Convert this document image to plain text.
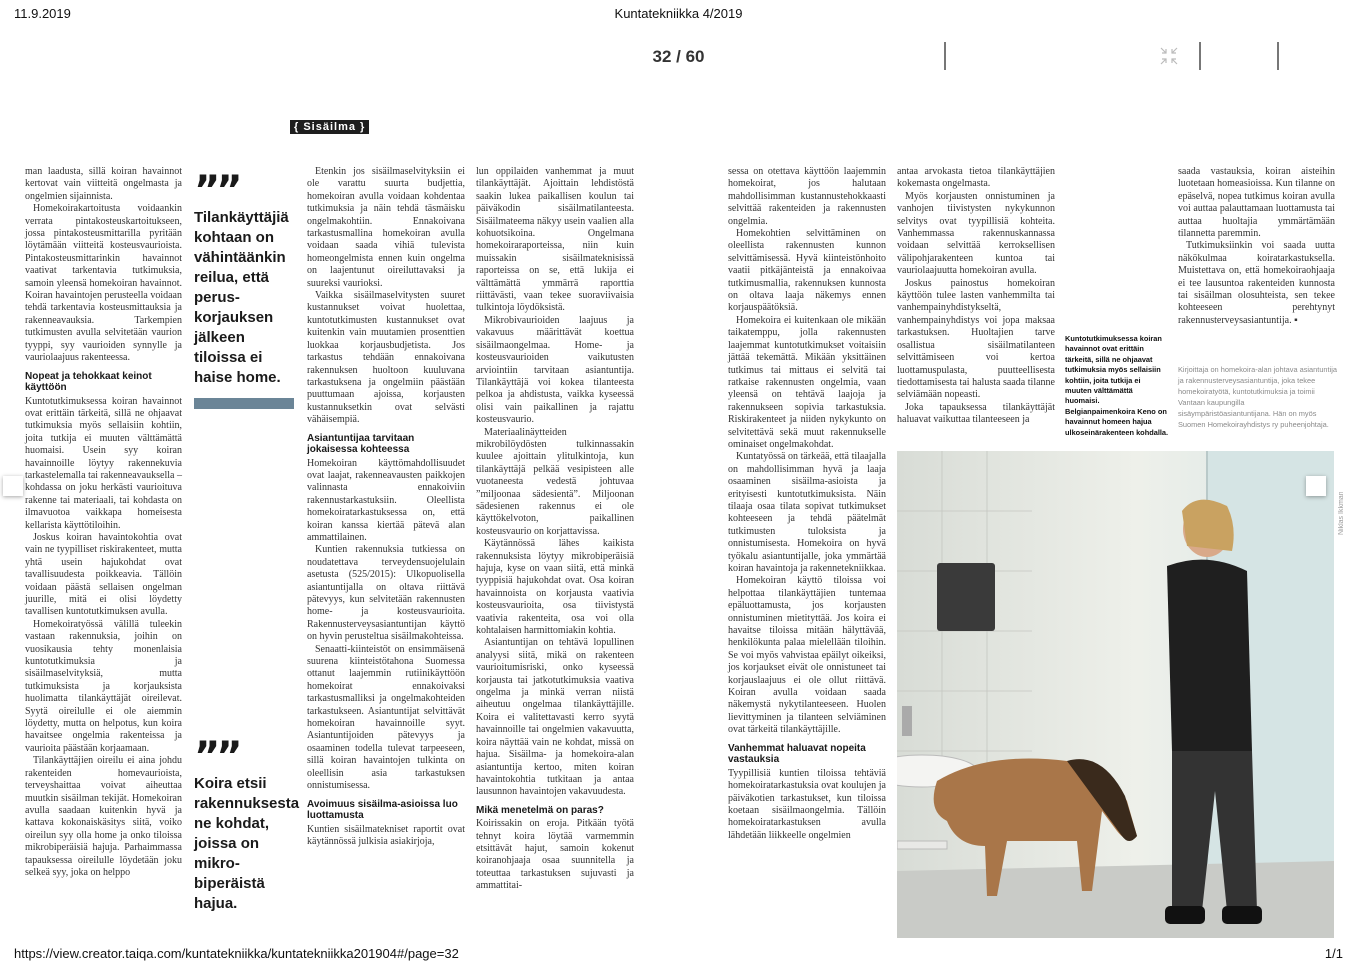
11.9.2019	Kuntatekniikka 4/2019
https://view.creator.taiqa.com/kuntatekniikka/kuntatekniikka201904#/page=32	1/1
32 / 60
{ Sisäilma }

man laadusta, sillä koiran havainnot kertovat vain viitteitä ongelmasta ja ongelmien sijainnista.

Homekoirakartoitusta voidaankin verrata pintakosteuskartoitukseen, jossa pintakosteusmittarilla pyritään löytämään viitteitä kosteusvaurioista. Pintakosteusmittarinkin havainnot vaativat tarkentavia tutkimuksia, samoin yleensä homekoiran havainnot. Koiran havaintojen perusteella voidaan tehdä tarkentavia kosteusmittauksia ja rakenneavauksia. Tarkempien tutkimusten avulla selvitetään vaurion tyyppi, syy vaurioiden synnylle ja vauriolaajuus rakenteessa.

Nopeat ja tehokkaat keinot käyttöön

Kuntotutkimuksessa koiran havainnot ovat erittäin tärkeitä, sillä ne ohjaavat tutkimuksia myös sellaisiin kohtiin, joita tutkija ei muuten välttämättä huomaisi. Usein syy koiran havainnoille löytyy rakennekuvia tarkastelemalla tai rakenneavauksella – kohdassa on joku herkästi vaurioituva rakenne tai materiaali, tai kohdasta on ilmavuotoa vaikkapa homeisesta kellarista käyttötiloihin.

Joskus koiran havaintokohtia ovat vain ne tyypilliset riskirakenteet, mutta yhtä usein hajukohdat ovat tavallisuudesta poikkeavia. Tällöin voidaan päästä sellaisen ongelman juurille, mitä ei olisi löydetty tavallisen kuntotutkimuksen avulla.

Homekoiratyössä välillä tuleekin vastaan rakennuksia, joihin on vuosikausia tehty monenlaisia kuntotutkimuksia ja sisäilmaselvityksiä, mutta tutkimuksista ja korjauksista huolimatta tilankäyttäjät oireilevat. Syytä oireilulle ei ole aiemmin löydetty, mutta on helpotus, kun koira havaitsee ongelmia rakenteissa ja vaurioita päästään korjaamaan.

Tilankäyttäjien oireilu ei aina johdu rakenteiden homevaurioista, terveyshaittaa voivat aiheuttaa muutkin sisäilman tekijät. Homekoiran avulla saadaan kuitenkin hyvä ja kattava kokonaiskäsitys siitä, voiko oireilun syy olla home ja onko tiloissa mikrobiperäisiä hajuja. Parhaimmassa tapauksessa oireilulle löydetään joku selkeä syy, joka on helppo

””
Tilankäyttäjiä kohtaan on vähintäänkin reilua, että perus-korjauksen jälkeen tiloissa ei haise home.
””
Koira etsii rakennuksesta ne kohdat, joissa on mikro-biperäistä hajua.

Etenkin jos sisäilmaselvityksiin ei ole varattu suurta budjettia, homekoiran avulla voidaan kohdentaa tutkimuksia ja näin tehdä täsmäisku ongelmakohtiin. Ennakoivana tarkastusmallina homekoiran avulla voidaan saada vihiä tulevista homeongelmista ennen kuin ongelma on laajentunut oireiluttavaksi ja suureksi vaurioksi.

Vaikka sisäilmaselvitysten suuret kustannukset voivat huolettaa, kuntotutkimusten kustannukset ovat kuitenkin vain muutamien prosenttien luokkaa korjausbudjetista. Jos tarkastus tehdään ennakoivana rakennuksen huoltoon kuuluvana tarkastuksena ja ongelmiin päästään puuttumaan ajoissa, korjausten kustannuksetkin ovat selvästi vähäisempiä.

Asiantuntijaa tarvitaan jokaisessa kohteessa

Homekoiran käyttömahdollisuudet ovat laajat, rakenneavausten paikkojen valinnasta ennakoiviin rakennustarkastuksiin. Oleellista homekoiratarkastuksessa on, että koiran kanssa kiertää pätevä alan ammattilainen.

Kuntien rakennuksia tutkiessa on noudatettava terveydensuojelulain asetusta (525/2015): Ulkopuolisella asiantuntijalla on oltava riittävä pätevyys, kun selvitetään rakennusten home- ja kosteusvaurioita. Rakennusterveysasiantuntijan käyttö on hyvin perusteltua sisäilmakohteissa.

Senaatti-kiinteistöt on ensimmäisenä suurena kiinteistötahona Suomessa ottanut laajemmin rutiinikäyttöön homekoirat ennakoivaksi tarkastusmalliksi ja ongelmakohteiden tarkastukseen. Asiantuntijat selvittävät homekoiran havainnoille syyt. Asiantuntijoiden pätevyys ja osaaminen todella tulevat tarpeeseen, sillä koiran havaintojen tulkinta on oleellisin asia tarkastuksen onnistumisessa.

Avoimuus sisäilma-asioissa luo luottamusta

Kuntien sisäilmatekniset raportit ovat käytännössä julkisia asiakirjoja,

lun oppilaiden vanhemmat ja muut tilankäyttäjät. Ajoittain lehdistöstä saakin lukea paikallisen koulun tai päiväkodin sisäilmatilanteesta. Sisäilmateema näkyy usein vaalien alla kohuotsikoina. Ongelmana homekoiraraporteissa, niin kuin muissakin sisäilmateknisissä raporteissa on se, että lukija ei välttämättä ymmärrä raporttia riittävästi, vaan tekee suoraviivaisia tulkintoja löydöksistä.

Mikrobivaurioiden laajuus ja vakavuus määrittävät koettua sisäilmaongelmaa. Home- ja kosteusvaurioiden vaikutusten arviointiin tarvitaan asiantuntija. Tilankäyttäjä voi kokea tilanteesta pelkoa ja ahdistusta, vaikka kyseessä olisi vain paikallinen ja rajattu kosteusvaurio.

Materiaalinäytteiden mikrobilöydösten tulkinnassakin kuulee ajoittain ylitulkintoja, kun tilankäyttäjä pelkää vesipisteen alle vuotaneesta vedestä johtuvaa ”miljoonaa sädesientä”. Miljoonan sädesienen rakennus ei ole käyttökelvoton, paikallinen kosteusvaurio on korjattavissa.

Käytännössä lähes kaikista rakennuksista löytyy mikrobiperäisiä hajuja, kyse on vaan siitä, että minkä tyyppisiä hajukohdat ovat. Osa koiran havainnoista on korjausta vaativia kosteusvaurioita, osa tiivistystä vaativia rakenteita, osa voi olla kohtalaisen harmittomiakin kohtia.

Asiantuntijan on tehtävä lopullinen analyysi siitä, mikä on rakenteen vaurioitumisriski, onko kyseessä korjausta tai jatkotutkimuksia vaativa ongelma ja minkä verran niistä aiheutuu ongelmaa tilankäyttäjille. Koira ei valitettavasti kerro syytä havainnoille tai ongelmien vakavuutta, koira näyttää vain ne kohdat, missä on hajua. Sisäilma- ja homekoira-alan asiantuntija kertoo, miten koiran havaintokohtia tutkitaan ja antaa lausunnon havaintojen vakavuudesta.

Mikä menetelmä on paras?

Koirissakin on eroja. Pitkään työtä tehnyt koira löytää varmemmin etsittävät hajut, samoin kokenut koiranohjaaja osaa suunnitella ja toteuttaa tarkastuksen sujuvasti ja ammattitai-

sessa on otettava käyttöön laajemmin homekoirat, jos halutaan mahdollisimman kustannustehokkaasti selvittää rakenteiden ja rakennusten ongelmia.

Homekohtien selvittäminen on oleellista rakennusten kunnon selvittämisessä. Hyvä kiinteistönhoito vaatii pitkäjänteistä ja ennakoivaa tutkimusmallia, rakennuksen kunnosta on oltava laaja näkemys ennen korjauspäätöksiä.

Homekoira ei kuitenkaan ole mikään taikatemppu, jolla rakennusten laajemmat kuntotutkimukset voitaisiin jättää tekemättä. Mikään yksittäinen tutkimus tai mittaus ei selvitä tai ratkaise rakennusten ongelmia, vaan yleensä on tehtävä laajoja ja rakennukseen sopivia tarkastuksia. Riskirakenteet ja niiden nykykunto on selvitettävä sekä muut rakennukselle ominaiset ongelmakohdat.

Kuntatyössä on tärkeää, että tilaajalla on mahdollisimman hyvä ja laaja osaaminen sisäilma-asioista ja erityisesti kuntotutkimuksista. Näin tilaaja osaa tilata sopivat tutkimukset kohteeseen ja tehdä päätelmät tutkimusten tuloksista ja onnistumisesta. Homekoira on hyvä työkalu asiantuntijalle, joka ymmärtää koiran havaintoja ja rakennetekniikkaa.

Homekoiran käyttö tiloissa voi helpottaa tilankäyttäjien tuntemaa epäluottamusta, jos korjausten onnistuminen mietityttää. Jos koira ei havaitse tiloissa mitään hälyttävää, henkilökunta palaa mielellään tiloihin. Se voi myös vahvistaa epäilyt oikeiksi, jos korjaukset eivät ole onnistuneet tai korjauslaajuus ei ole ollut riittävä. Koiran avulla voidaan saada näkemystä nykytilanteeseen. Huolen lievittyminen ja tilanteen selviäminen ovat tärkeitä tilankäyttäjille.

Vanhemmat haluavat nopeita vastauksia

Tyypillisiä kuntien tiloissa tehtäviä homekoiratarkastuksia ovat koulujen ja päiväkotien tarkastukset, kun tiloissa koetaan sisäilmaongelmia. Tällöin homekoiratarkastuksen avulla lähdetään liikkeelle ongelmien

antaa arvokasta tietoa tilankäyttäjien kokemasta ongelmasta.

Myös korjausten onnistuminen ja vanhojen tiivistysten nykykunnon selvitys ovat tyypillisiä kohteita. Vanhemmassa rakennuskannassa voidaan selvittää kerroksellisen välipohjarakenteen kuntoa tai vauriolaajuutta homekoiran avulla.

Joskus painostus homekoiran käyttöön tulee lasten vanhemmilta tai vanhempainyhdistykseltä, vanhempainyhdistys voi jopa maksaa tarkastuksen. Huoltajien tarve osallistua sisäilmatilanteen selvittämiseen voi kertoa luottamuspulasta, puutteellisesta tiedottamisesta tai halusta saada tilanne selviämään nopeasti.

Joka tapauksessa tilankäyttäjät haluavat vaikuttaa tilanteeseen ja

saada vastauksia, koiran aisteihin luotetaan homeasioissa. Kun tilanne on epäselvä, nopea tutkimus koiran avulla voi auttaa palauttamaan luottamusta tai auttaa huoltajia ymmärtämään tilannetta paremmin.

Tutkimuksiinkin voi saada uutta näkökulmaa koiratarkastuksella. Muistettava on, että homekoiraohjaaja ei tee lausuntoa rakenteiden kunnosta tai sisäilman olosuhteista, sen tekee kohteeseen perehtynyt rakennusterveysasiantuntija. ▪

Kuntotutkimuksessa koiran havainnot ovat erittäin tärkeitä, sillä ne ohjaavat tutkimuksia myös sellaisiin kohtiin, joita tutkija ei muuten välttämättä huomaisi. Belgianpaimenkoira Keno on havainnut homeen hajua ulkoseinärakenteen kohdalla.
Kirjoittaja on homekoira-alan johtava asiantuntija ja rakennusterveysasiantuntija, joka tekee homekoiratyötä, kuntotutkimuksia ja toimii Vantaan kaupungilla sisäympäristöasiantuntijana. Hän on myös Suomen Homekoirayhdistys ry puheenjohtaja.
Niklas Ikkman
